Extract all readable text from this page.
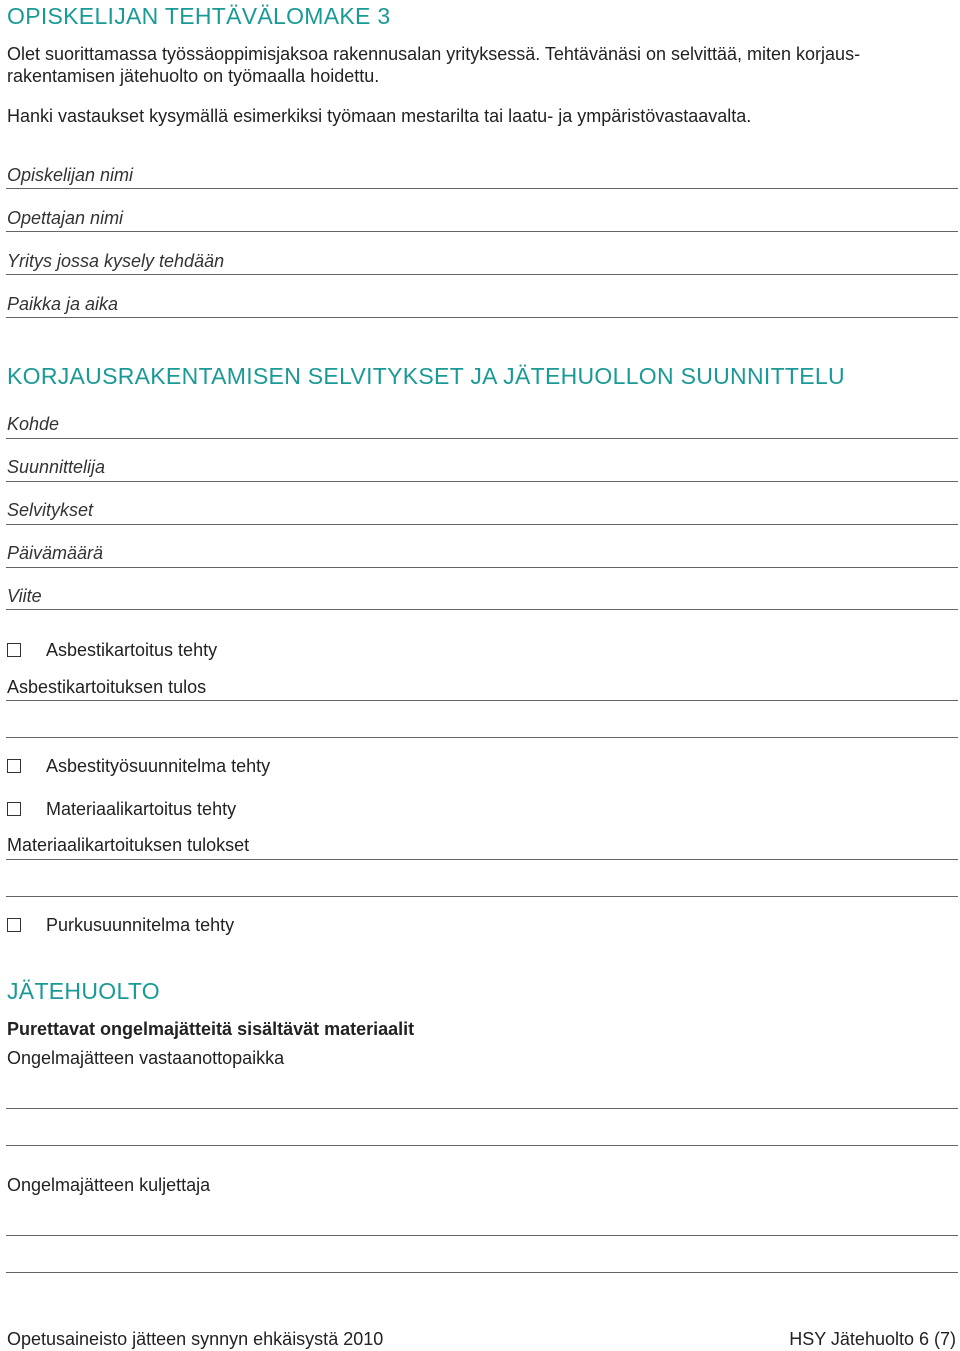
OPISKELIJAN TEHTÄVÄLOMAKE 3
Olet suorittamassa työssäoppimisjaksoa rakennusalan yrityksessä. Tehtävänäsi on selvittää, miten korjaus-
rakentamisen jätehuolto on työmaalla hoidettu.
Hanki vastaukset kysymällä esimerkiksi työmaan mestarilta tai laatu- ja ympäristövastaavalta.
Opiskelijan nimi
Opettajan nimi
Yritys jossa kysely tehdään
Paikka ja aika
KORJAUSRAKENTAMISEN SELVITYKSET JA JÄTEHUOLLON SUUNNITTELU
Kohde
Suunnittelija
Selvitykset
Päivämäärä
Viite
Asbestikartoitus tehty
Asbestikartoituksen tulos
Asbestityösuunnitelma tehty
Materiaalikartoitus tehty
Materiaalikartoituksen tulokset
Purkusuunnitelma tehty
JÄTEHUOLTO
Purettavat ongelmajätteitä sisältävät materiaalit
Ongelmajätteen vastaanottopaikka
Ongelmajätteen kuljettaja
Opetusaineisto jätteen synnyn ehkäisystä 2010	HSY Jätehuolto 6 (7)
